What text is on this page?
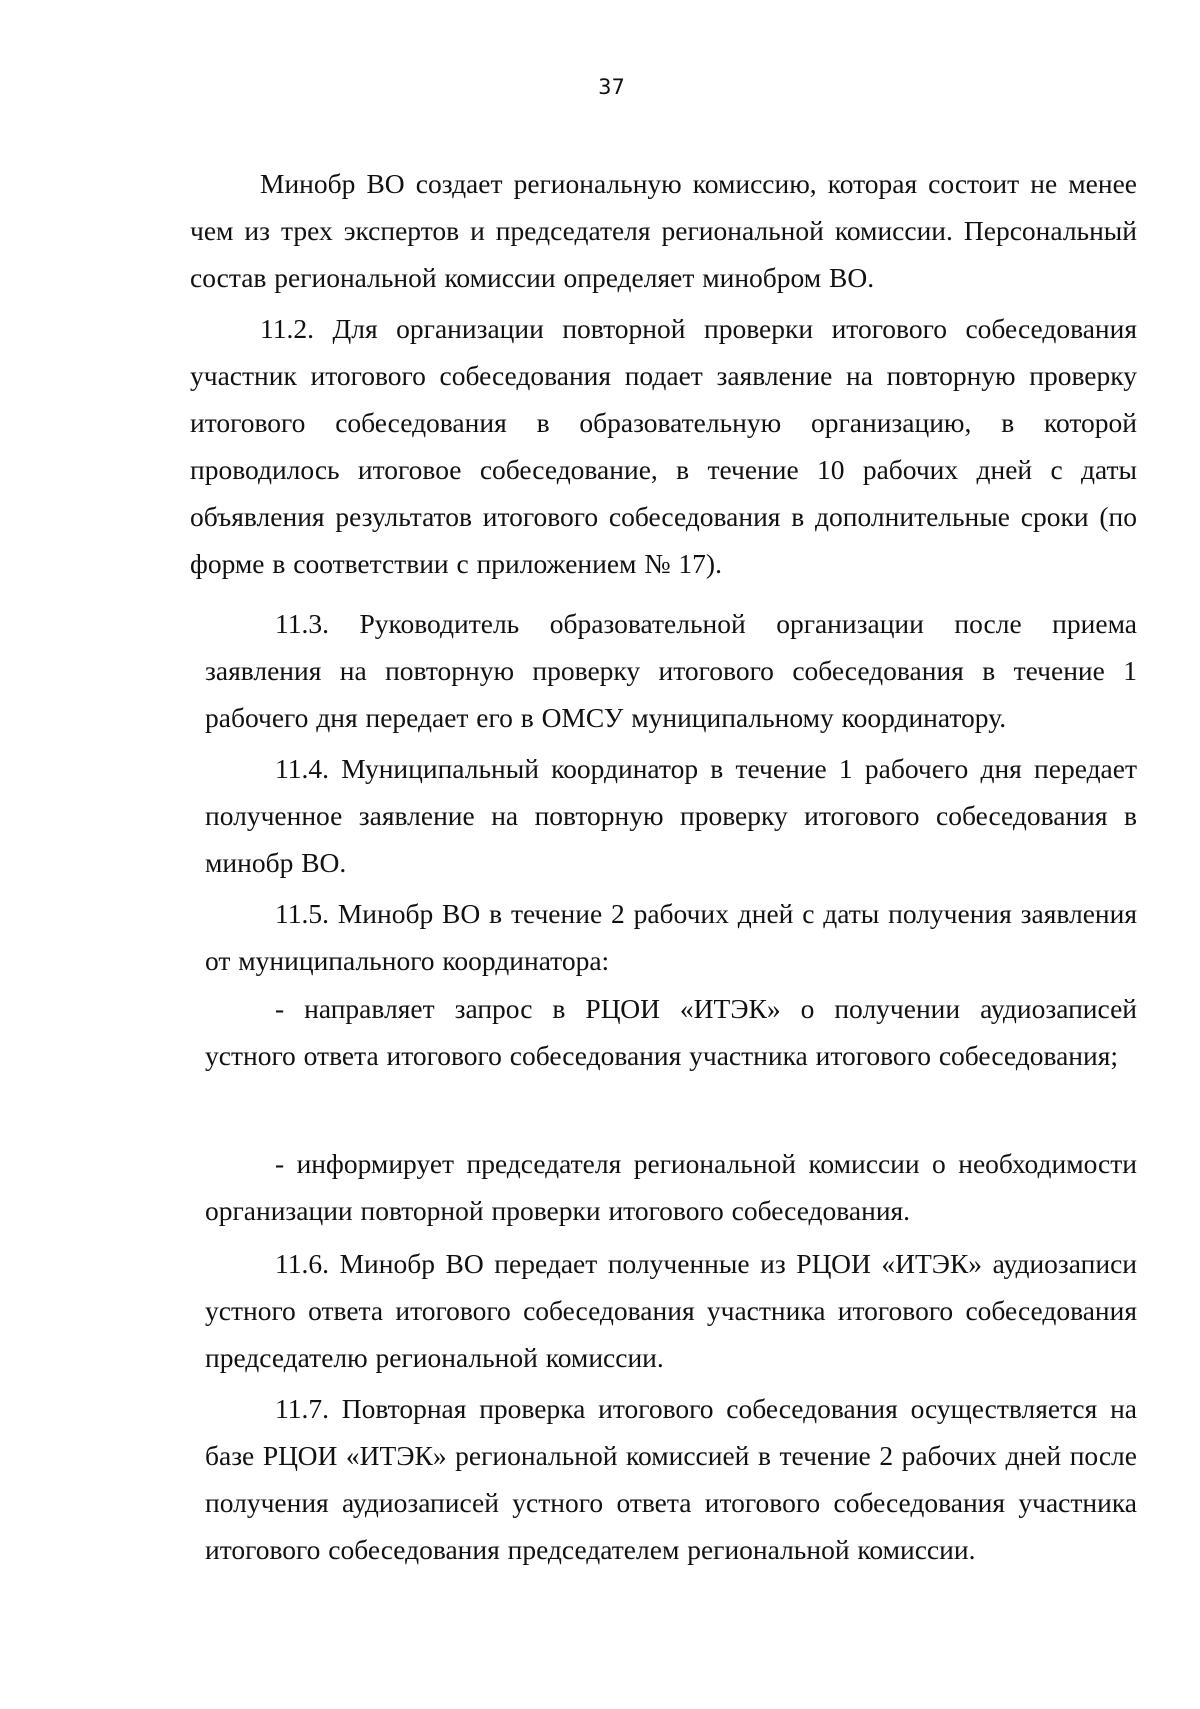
37

Минобр ВО создает региональную комиссию, которая состоит не менее чем из трех экспертов и председателя региональной комиссии. Персональный состав региональной комиссии определяет минобром ВО.

11.2. Для организации повторной проверки итогового собеседования участник итогового собеседования подает заявление на повторную проверку итогового собеседования в образовательную организацию, в которой проводилось итоговое собеседование, в течение 10 рабочих дней с даты объявления результатов итогового собеседования в дополнительные сроки (по форме в соответствии с приложением № 17).

11.3. Руководитель образовательной организации после приема заявления на повторную проверку итогового собеседования в течение 1 рабочего дня передает его в ОМСУ муниципальному координатору.

11.4. Муниципальный координатор в течение 1 рабочего дня передает полученное заявление на повторную проверку итогового собеседования в минобр ВО.

11.5. Минобр ВО в течение 2 рабочих дней с даты получения заявления от муниципального координатора:

- направляет запрос в РЦОИ «ИТЭК» о получении аудиозаписей устного ответа итогового собеседования участника итогового собеседования;

- информирует председателя региональной комиссии о необходимости организации повторной проверки итогового собеседования.

11.6. Минобр ВО передает полученные из РЦОИ «ИТЭК» аудиозаписи устного ответа итогового собеседования участника итогового собеседования председателю региональной комиссии.

11.7. Повторная проверка итогового собеседования осуществляется на базе РЦОИ «ИТЭК» региональной комиссией в течение 2 рабочих дней после получения аудиозаписей устного ответа итогового собеседования участника итогового собеседования председателем региональной комиссии.
